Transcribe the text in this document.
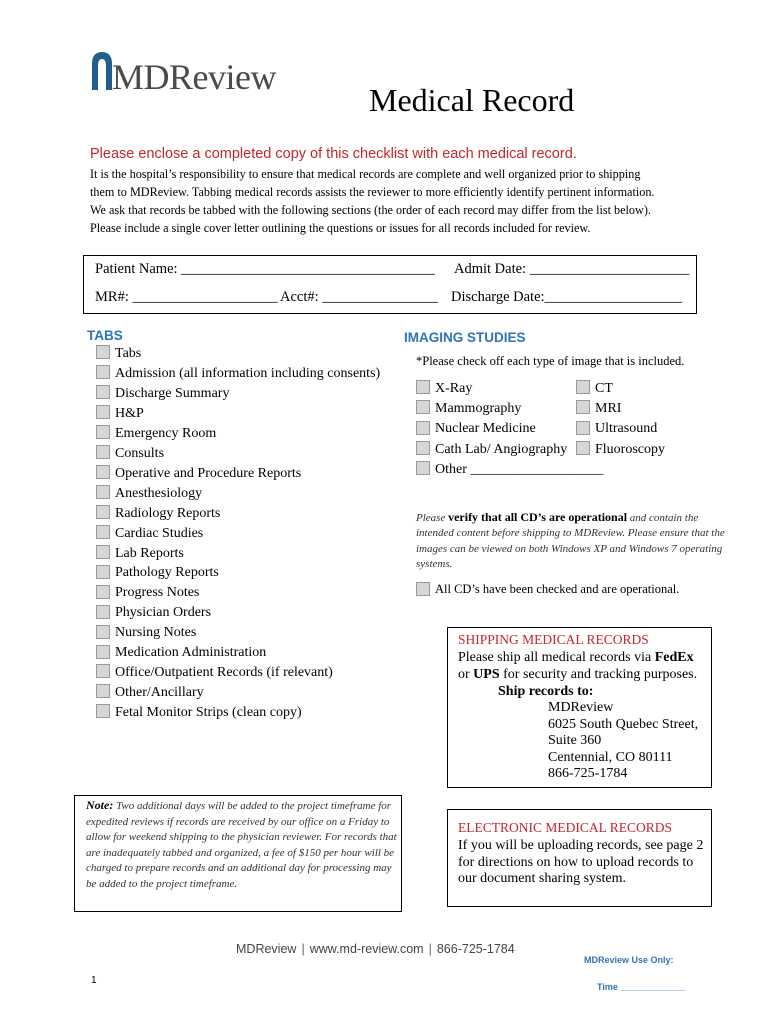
MDReview
Medical Record
Please enclose a completed copy of this checklist with each medical record.
It is the hospital’s responsibility to ensure that medical records are complete and well organized prior to shipping
them to MDReview. Tabbing medical records assists the reviewer to more efficiently identify pertinent information.
We ask that records be tabbed with the following sections (the order of each record may differ from the list below).
Please include a single cover letter outlining the questions or issues for all records included for review.
Patient Name: ___________________________________ Admit Date: ______________________
MR#: ____________________ Acct#: ________________ Discharge Date:___________________
TABS
Tabs
Admission (all information including consents)
Discharge Summary
H&P
Emergency Room
Consults
Operative and Procedure Reports
Anesthesiology
Radiology Reports
Cardiac Studies
Lab Reports
Pathology Reports
Progress Notes
Physician Orders
Nursing Notes
Medication Administration
Office/Outpatient Records (if relevant)
Other/Ancillary
Fetal Monitor Strips (clean copy)
IMAGING STUDIES
*Please check off each type of image that is included.
X-Ray
Mammography
Nuclear Medicine
Cath Lab/ Angiography
Other ___________________
CT
MRI
Ultrasound
Fluoroscopy
Please verify that all CD’s are operational and contain the intended content before shipping to MDReview. Please ensure that the images can be viewed on both Windows XP and Windows 7 operating systems.
All CD’s have been checked and are operational.
SHIPPING MEDICAL RECORDS
Please ship all medical records via FedEx
or UPS for security and tracking purposes.
Ship records to:
MDReview
6025 South Quebec Street,
Suite 360
Centennial, CO 80111
866-725-1784
ELECTRONIC MEDICAL RECORDS
If you will be uploading records, see page 2
for directions on how to upload records to
our document sharing system.
Note: Two additional days will be added to the project timeframe for expedited reviews if records are received by our office on a Friday to allow for weekend shipping to the physician reviewer. For records that are inadequately tabbed and organized, a fee of $150 per hour will be charged to prepare records and an additional day for processing may be added to the project timeframe.
MDReview | www.md-review.com | 866-725-1784
MDReview Use Only:
Time _____________
1
